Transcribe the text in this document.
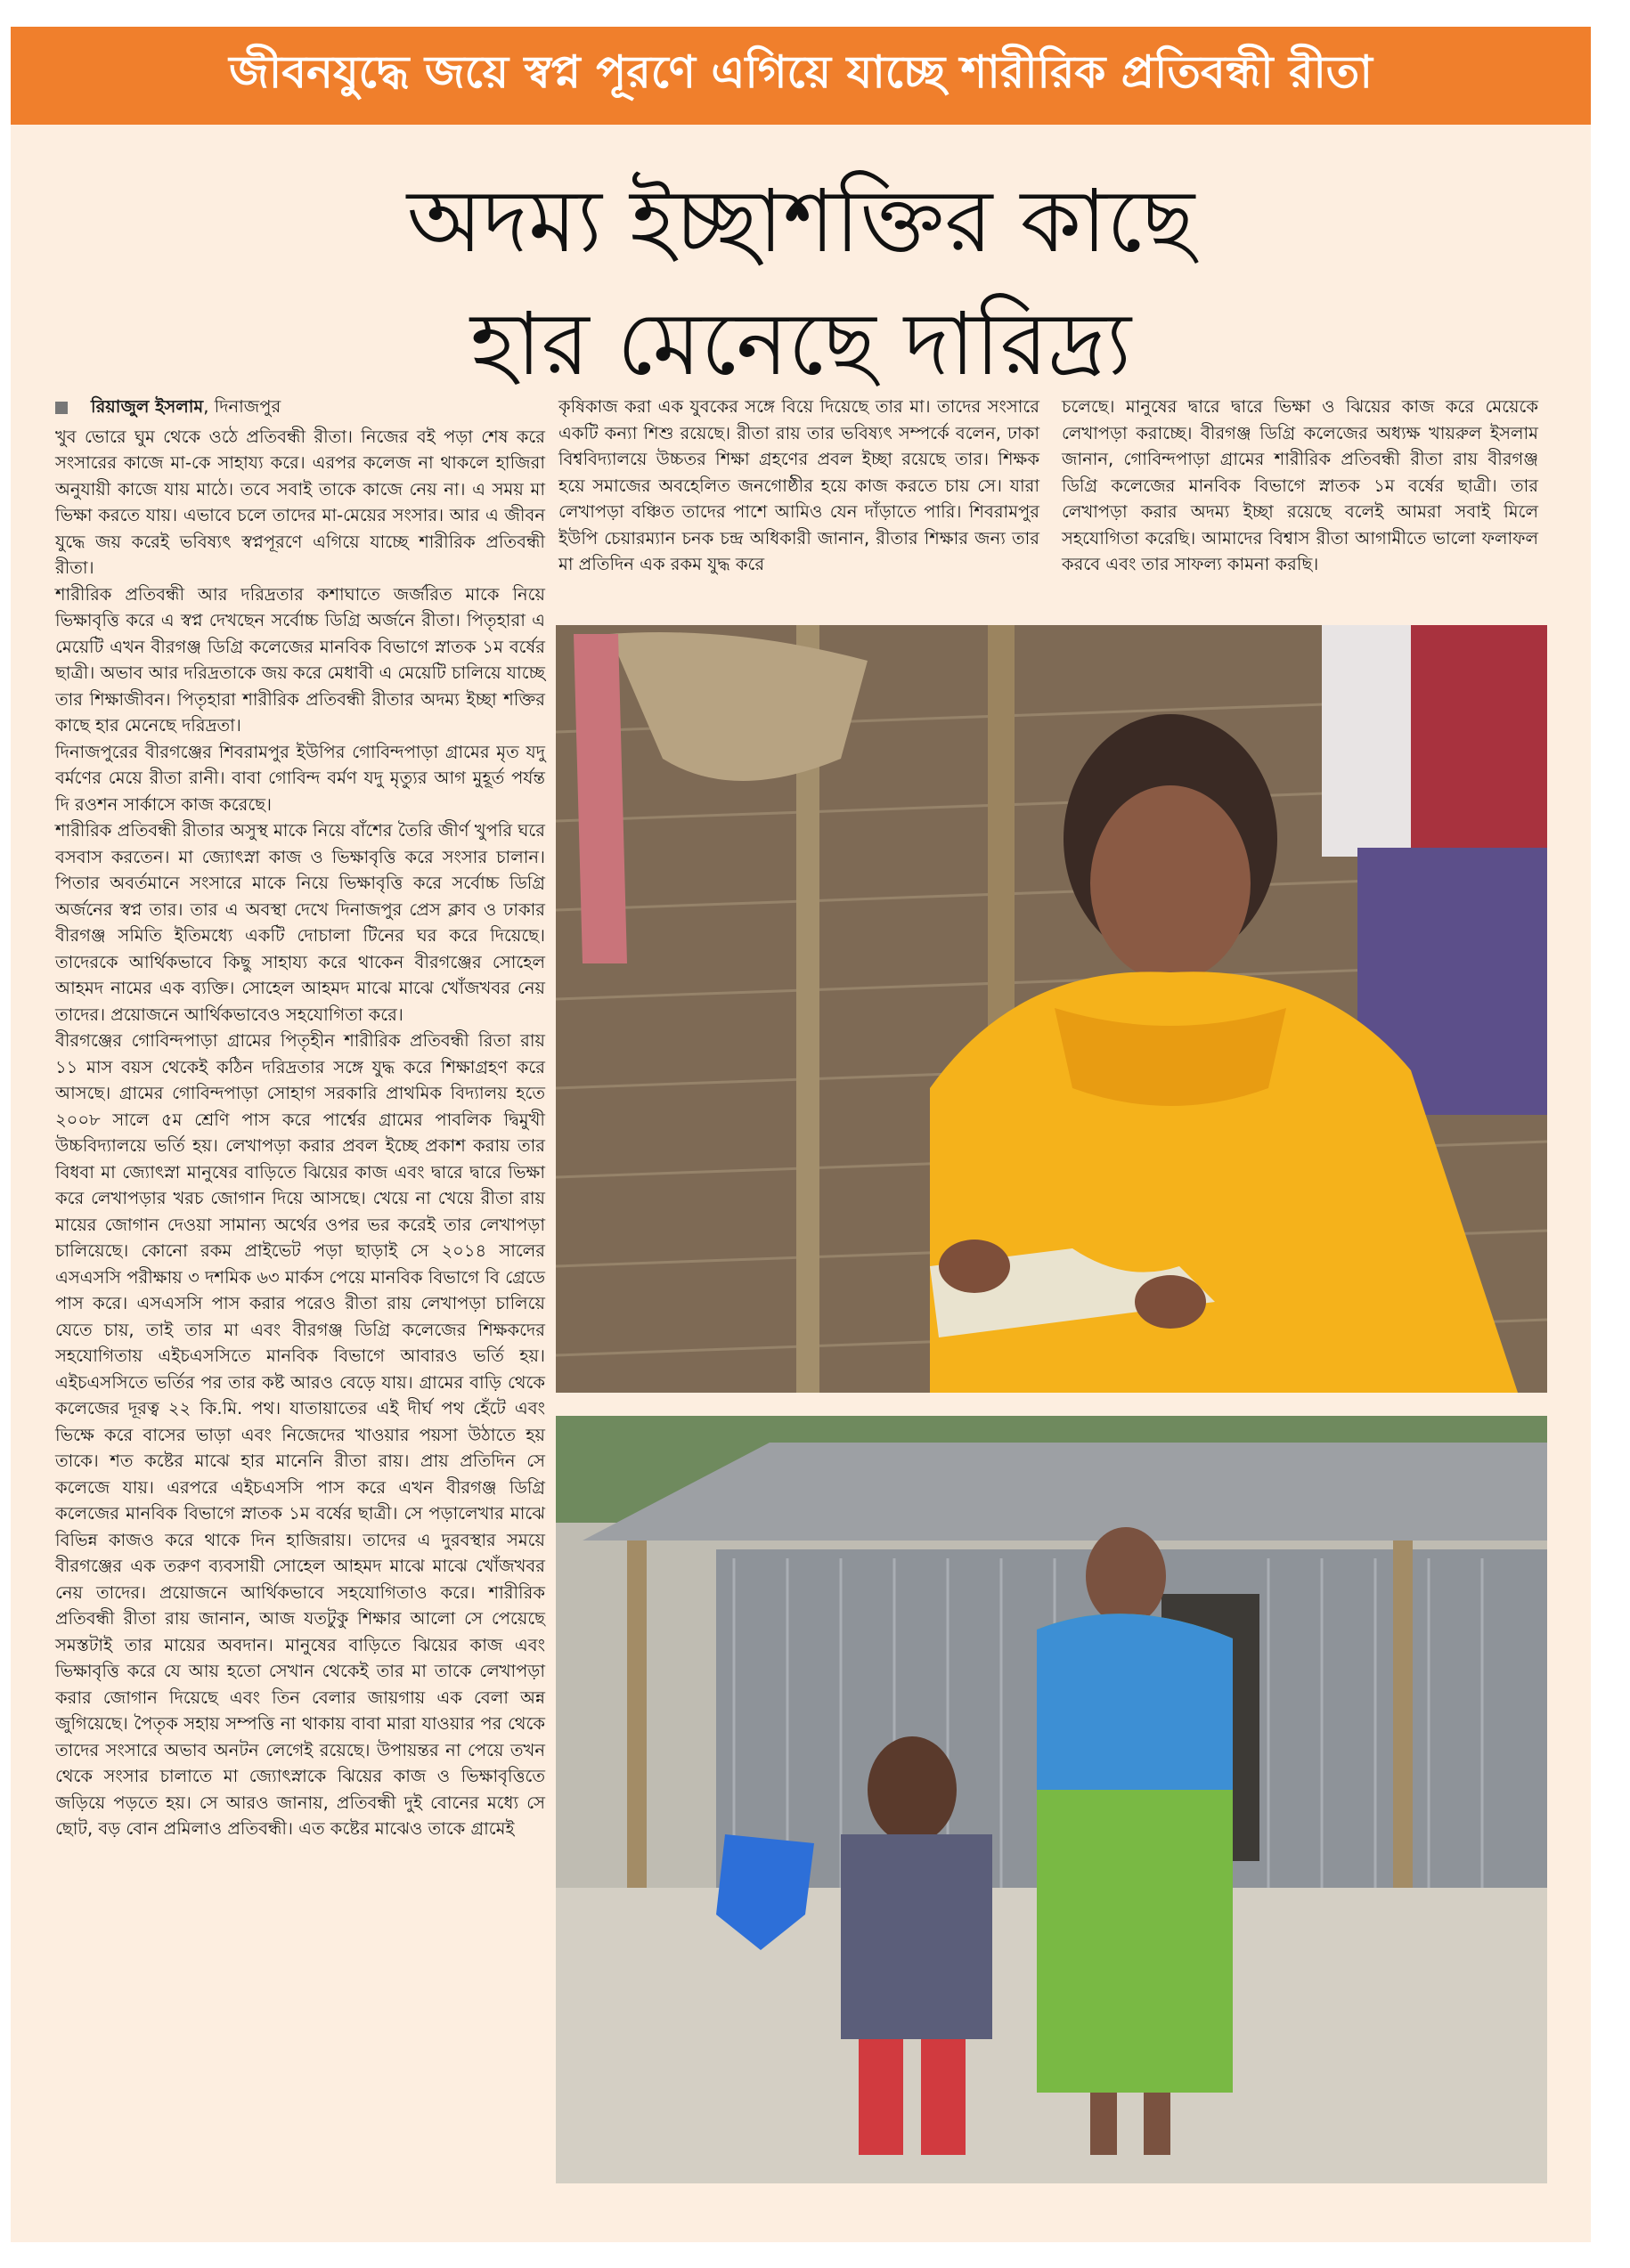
জীবনযুদ্ধে জয়ে স্বপ্ন পূরণে এগিয়ে যাচ্ছে শারীরিক প্রতিবন্ধী রীতা
অদম্য ইচ্ছাশক্তির কাছে
হার মেনেছে দারিদ্র্য

রিয়াজুল ইসলাম, দিনাজপুর

খুব ভোরে ঘুম থেকে ওঠে প্রতিবন্ধী রীতা। নিজের বই পড়া শেষ করে সংসারের কাজে মা-কে সাহায্য করে। এরপর কলেজ না থাকলে হাজিরা অনুযায়ী কাজে যায় মাঠে। তবে সবাই তাকে কাজে নেয় না। এ সময় মা ভিক্ষা করতে যায়। এভাবে চলে তাদের মা-মেয়ের সংসার। আর এ জীবন যুদ্ধে জয় করেই ভবিষ্যৎ স্বপ্নপূরণে এগিয়ে যাচ্ছে শারীরিক প্রতিবন্ধী রীতা।

শারীরিক প্রতিবন্ধী আর দরিদ্রতার কশাঘাতে জর্জরিত মাকে নিয়ে ভিক্ষাবৃত্তি করে এ স্বপ্ন দেখছেন সর্বোচ্চ ডিগ্রি অর্জনে রীতা। পিতৃহারা এ মেয়েটি এখন বীরগঞ্জ ডিগ্রি কলেজের মানবিক বিভাগে স্নাতক ১ম বর্ষের ছাত্রী। অভাব আর দরিদ্রতাকে জয় করে মেধাবী এ মেয়েটি চালিয়ে যাচ্ছে তার শিক্ষাজীবন। পিতৃহারা শারীরিক প্রতিবন্ধী রীতার অদম্য ইচ্ছা শক্তির কাছে হার মেনেছে দরিদ্রতা।

দিনাজপুরের বীরগঞ্জের শিবরামপুর ইউপির গোবিন্দপাড়া গ্রামের মৃত যদু বর্মণের মেয়ে রীতা রানী। বাবা গোবিন্দ বর্মণ যদু মৃত্যুর আগ মুহূর্ত পর্যন্ত দি রওশন সার্কাসে কাজ করেছে।

শারীরিক প্রতিবন্ধী রীতার অসুস্থ মাকে নিয়ে বাঁশের তৈরি জীর্ণ খুপরি ঘরে বসবাস করতেন। মা জ্যোৎস্না কাজ ও ভিক্ষাবৃত্তি করে সংসার চালান। পিতার অবর্তমানে সংসারে মাকে নিয়ে ভিক্ষাবৃত্তি করে সর্বোচ্চ ডিগ্রি অর্জনের স্বপ্ন তার। তার এ অবস্থা দেখে দিনাজপুর প্রেস ক্লাব ও ঢাকার বীরগঞ্জ সমিতি ইতিমধ্যে একটি দোচালা টিনের ঘর করে দিয়েছে। তাদেরকে আর্থিকভাবে কিছু সাহায্য করে থাকেন বীরগঞ্জের সোহেল আহমদ নামের এক ব্যক্তি। সোহেল আহমদ মাঝে মাঝে খোঁজখবর নেয় তাদের। প্রয়োজনে আর্থিকভাবেও সহযোগিতা করে।

বীরগঞ্জের গোবিন্দপাড়া গ্রামের পিতৃহীন শারীরিক প্রতিবন্ধী রিতা রায় ১১ মাস বয়স থেকেই কঠিন দরিদ্রতার সঙ্গে যুদ্ধ করে শিক্ষাগ্রহণ করে আসছে। গ্রামের গোবিন্দপাড়া সোহাগ সরকারি প্রাথমিক বিদ্যালয় হতে ২০০৮ সালে ৫ম শ্রেণি পাস করে পার্শ্বের গ্রামের পাবলিক দ্বিমুখী উচ্চবিদ্যালয়ে ভর্তি হয়। লেখাপড়া করার প্রবল ইচ্ছে প্রকাশ করায় তার বিধবা মা জ্যোৎস্না মানুষের বাড়িতে ঝিয়ের কাজ এবং দ্বারে দ্বারে ভিক্ষা করে লেখাপড়ার খরচ জোগান দিয়ে আসছে। খেয়ে না খেয়ে রীতা রায় মায়ের জোগান দেওয়া সামান্য অর্থের ওপর ভর করেই তার লেখাপড়া চালিয়েছে। কোনো রকম প্রাইভেট পড়া ছাড়াই সে ২০১৪ সালের এসএসসি পরীক্ষায় ৩ দশমিক ৬৩ মার্কস পেয়ে মানবিক বিভাগে বি গ্রেডে পাস করে। এসএসসি পাস করার পরেও রীতা রায় লেখাপড়া চালিয়ে যেতে চায়, তাই তার মা এবং বীরগঞ্জ ডিগ্রি কলেজের শিক্ষকদের সহযোগিতায় এইচএসসিতে মানবিক বিভাগে আবারও ভর্তি হয়। এইচএসসিতে ভর্তির পর তার কষ্ট আরও বেড়ে যায়। গ্রামের বাড়ি থেকে কলেজের দূরত্ব ২২ কি.মি. পথ। যাতায়াতের এই দীর্ঘ পথ হেঁটে এবং ভিক্ষে করে বাসের ভাড়া এবং নিজেদের খাওয়ার পয়সা উঠাতে হয় তাকে। শত কষ্টের মাঝে হার মানেনি রীতা রায়। প্রায় প্রতিদিন সে কলেজে যায়। এরপরে এইচএসসি পাস করে এখন বীরগঞ্জ ডিগ্রি কলেজের মানবিক বিভাগে স্নাতক ১ম বর্ষের ছাত্রী। সে পড়ালেখার মাঝে বিভিন্ন কাজও করে থাকে দিন হাজিরায়। তাদের এ দুরবস্থার সময়ে বীরগঞ্জের এক তরুণ ব্যবসায়ী সোহেল আহমদ মাঝে মাঝে খোঁজখবর নেয় তাদের। প্রয়োজনে আর্থিকভাবে সহযোগিতাও করে। শারীরিক প্রতিবন্ধী রীতা রায় জানান, আজ যতটুকু শিক্ষার আলো সে পেয়েছে সমস্তটাই তার মায়ের অবদান। মানুষের বাড়িতে ঝিয়ের কাজ এবং ভিক্ষাবৃত্তি করে যে আয় হতো সেখান থেকেই তার মা তাকে লেখাপড়া করার জোগান দিয়েছে এবং তিন বেলার জায়গায় এক বেলা অন্ন জুগিয়েছে। পৈতৃক সহায় সম্পত্তি না থাকায় বাবা মারা যাওয়ার পর থেকে তাদের সংসারে অভাব অনটন লেগেই রয়েছে। উপায়ন্তর না পেয়ে তখন থেকে সংসার চালাতে মা জ্যোৎস্নাকে ঝিয়ের কাজ ও ভিক্ষাবৃত্তিতে জড়িয়ে পড়তে হয়। সে আরও জানায়, প্রতিবন্ধী দুই বোনের মধ্যে সে ছোট, বড় বোন প্রমিলাও প্রতিবন্ধী। এত কষ্টের মাঝেও তাকে গ্রামেই

কৃষিকাজ করা এক যুবকের সঙ্গে বিয়ে দিয়েছে তার মা। তাদের সংসারে একটি কন্যা শিশু রয়েছে। রীতা রায় তার ভবিষ্যৎ সম্পর্কে বলেন, ঢাকা বিশ্ববিদ্যালয়ে উচ্চতর শিক্ষা গ্রহণের প্রবল ইচ্ছা রয়েছে তার। শিক্ষক হয়ে সমাজের অবহেলিত জনগোষ্ঠীর হয়ে কাজ করতে চায় সে। যারা লেখাপড়া বঞ্চিত তাদের পাশে আমিও যেন দাঁড়াতে পারি। শিবরামপুর ইউপি চেয়ারম্যান চনক চন্দ্র অধিকারী জানান, রীতার শিক্ষার জন্য তার মা প্রতিদিন এক রকম যুদ্ধ করে

চলেছে। মানুষের দ্বারে দ্বারে ভিক্ষা ও ঝিয়ের কাজ করে মেয়েকে লেখাপড়া করাচ্ছে। বীরগঞ্জ ডিগ্রি কলেজের অধ্যক্ষ খায়রুল ইসলাম জানান, গোবিন্দপাড়া গ্রামের শারীরিক প্রতিবন্ধী রীতা রায় বীরগঞ্জ ডিগ্রি কলেজের মানবিক বিভাগে স্নাতক ১ম বর্ষের ছাত্রী। তার লেখাপড়া করার অদম্য ইচ্ছা রয়েছে বলেই আমরা সবাই মিলে সহযোগিতা করেছি। আমাদের বিশ্বাস রীতা আগামীতে ভালো ফলাফল করবে এবং তার সাফল্য কামনা করছি।
